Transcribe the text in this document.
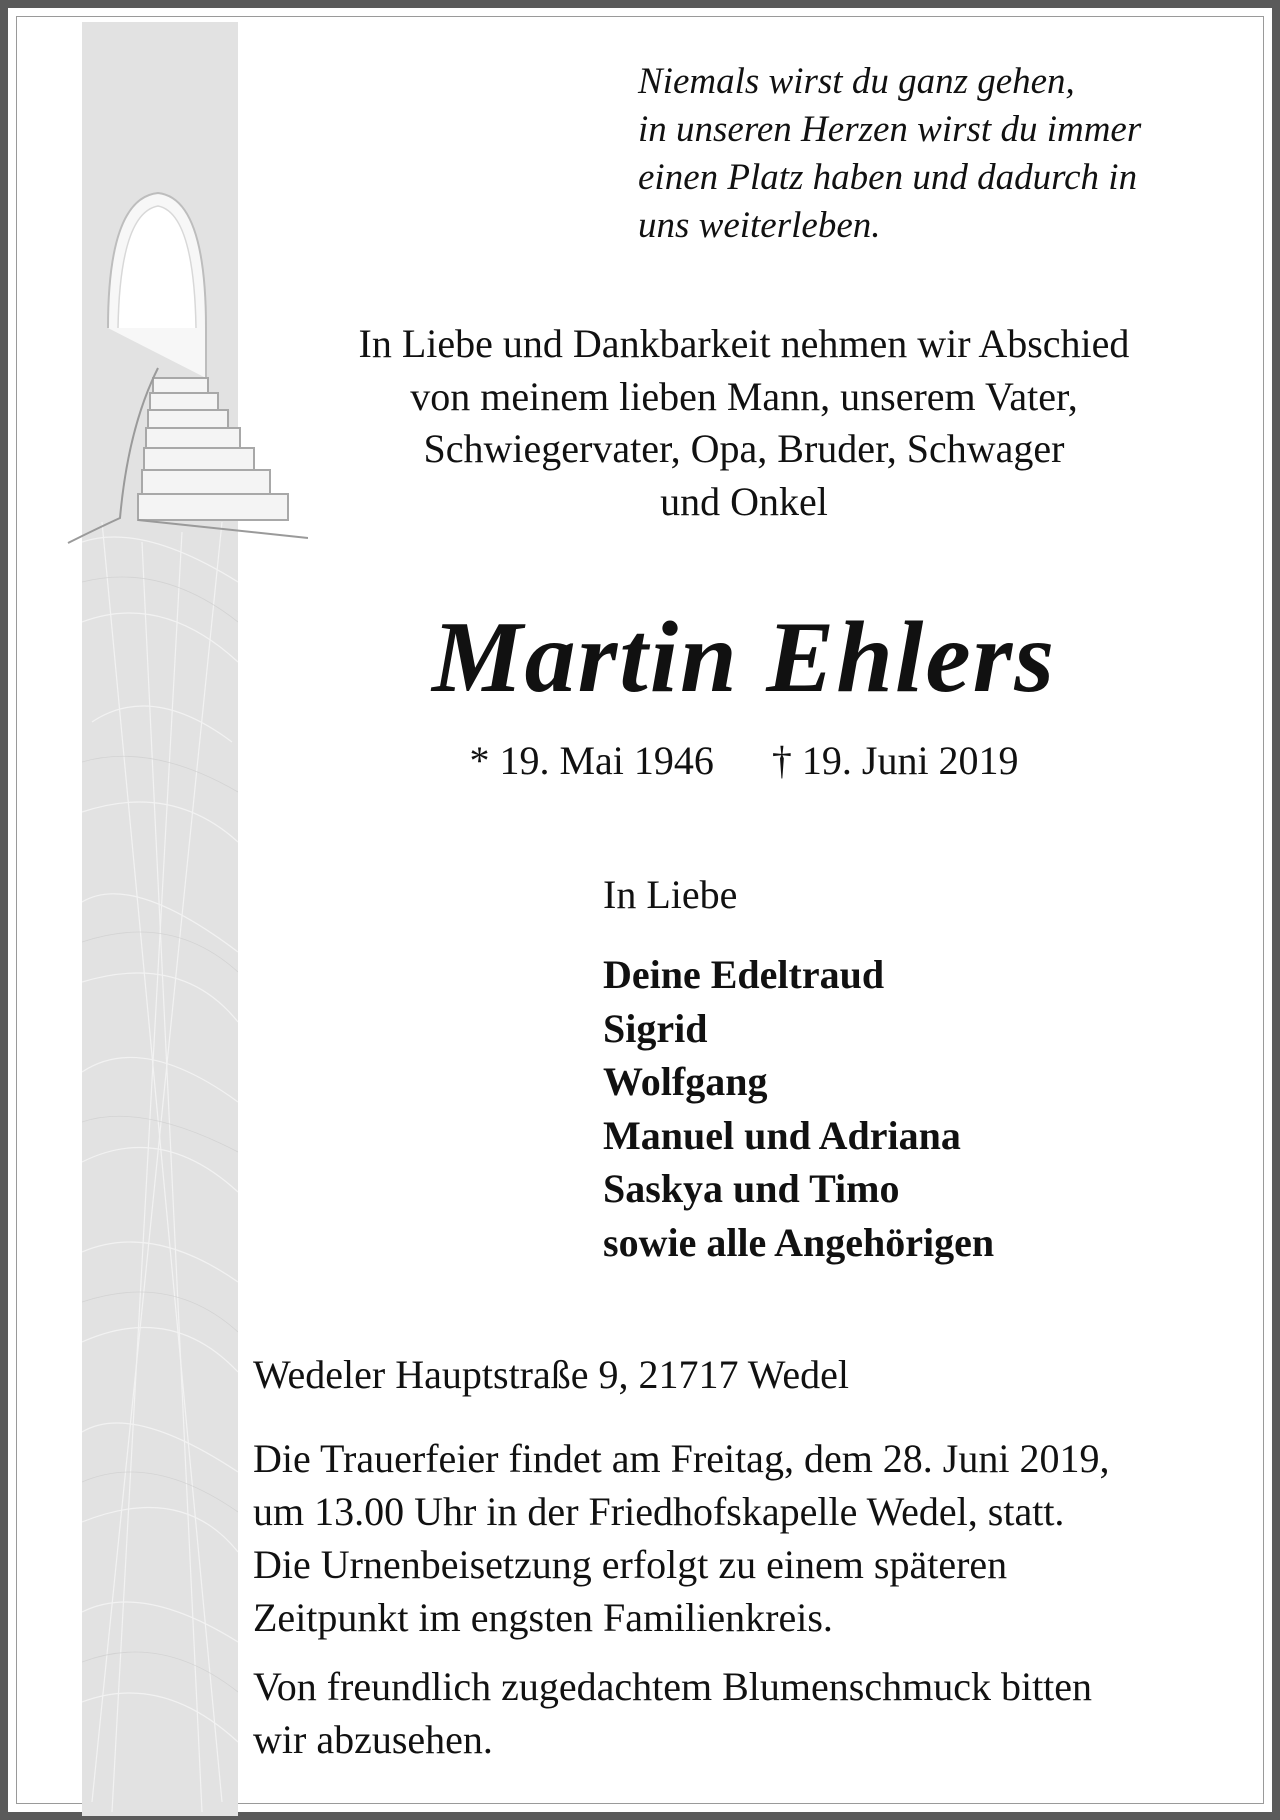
Niemals wirst du ganz gehen,
in unseren Herzen wirst du immer
einen Platz haben und dadurch in
uns weiterleben.

In Liebe und Dankbarkeit nehmen wir Abschied
von meinem lieben Mann, unserem Vater,
Schwiegervater, Opa, Bruder, Schwager
und Onkel

Martin Ehlers
* 19. Mai 1946 † 19. Juni 2019
In Liebe

Deine Edeltraud
Sigrid
Wolfgang
Manuel und Adriana
Saskya und Timo
sowie alle Angehörigen

Wedeler Hauptstraße 9, 21717 Wedel

Die Trauerfeier findet am Freitag, dem 28. Juni 2019,
um 13.00 Uhr in der Friedhofskapelle Wedel, statt.
Die Urnenbeisetzung erfolgt zu einem späteren
Zeitpunkt im engsten Familienkreis.

Von freundlich zugedachtem Blumenschmuck bitten
wir abzusehen.
